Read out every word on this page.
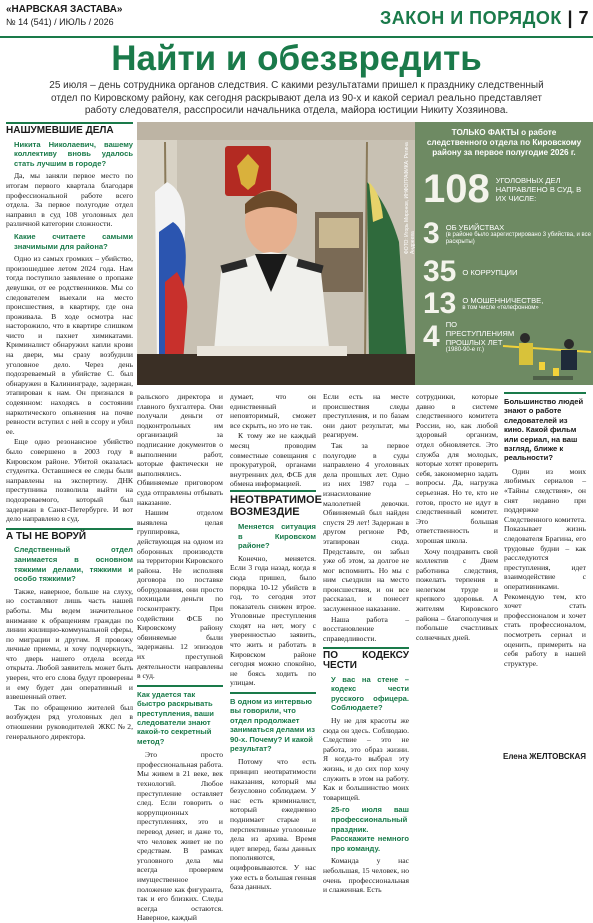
«НАРВСКАЯ ЗАСТАВА»
№ 14 (541) / ИЮЛЬ / 2026	ЗАКОН И ПОРЯДОК | 7
Найти и обезвредить
25 июля – день сотрудника органов следствия. С какими результатами пришел к празднику следственный отдел по Кировскому району, как сегодня раскрывают дела из 90-х и какой сериал реально представляет работу следователя, расспросили начальника отдела, майора юстиции Никиту Хозяинова.
НАШУМЕВШИЕ ДЕЛА

Никита Николаевич, вашему коллективу вновь удалось стать лучшим в городе?

Да, мы заняли первое место по итогам первого квартала благодаря профессиональной работе всего отдела. За первое полугодие отдел направил в суд 108 уголовных дел различной категории сложности.

Какие считаете самыми значимыми для района?

Одно из самых громких – убийство, произошедшее летом 2024 года. Нам тогда поступило заявление о пропаже девушки, от ее родственников. Мы со следователем выехали на место происшествия, в квартиру, где она проживала. В ходе осмотра нас насторожило, что в квартире слишком чисто и пахнет химикатами. Криминалист обнаружил капли крови на двери, мы сразу возбудили уголовное дело. Через день подозреваемый в убийстве С. был обнаружен в Калининграде, задержан, этапирован к нам. Он признался в содеянном: находясь в состоянии наркотического опьянения на почве ревности вступил с ней в ссору и убил ее.

Еще одно резонансное убийство было совершено в 2003 году в Кировском районе. Убитой оказалась студентка. Оставшиеся ее следы были направлены на экспертизу. ДНК преступника позволила выйти на подозреваемого, который был задержан в Санкт-Петербурге. И вот дело направлено в суд.

А ТЫ НЕ ВОРУЙ

Следственный отдел занимается в основном тяжкими делами, тяжкими и особо тяжкими?

Также, наверное, больше на слуху, но составляют лишь часть нашей работы. Мы ведем значительное внимание к обращениям граждан по линии жилищно-коммунальной сферы, по миграции и другим. Я провожу личные приемы, и хочу подчеркнуть, что дверь нашего отдела всегда открыта. Любой заявитель может быть уверен, что его слова будут проверены и ему будет дан оперативный и взвешенный ответ.

Так по обращению жителей был возбужден ряд уголовных дел в отношении руководителей ЖКС№2, генерального директора.

ТОЛЬКО ФАКТЫ о работе следственного отдела по Кировскому району за первое полугодие 2026 г.
108 УГОЛОВНЫХ ДЕЛ НАПРАВЛЕНО В СУД, В ИХ ЧИСЛЕ:
3 ОБ УБИЙСТВАХ
(в районе было зарегистрировано 3 убийства, и все раскрыты)
35 О КОРРУПЦИИ
13 О МОШЕННИЧЕСТВЕ,
в том числе «телефонном»
4 ПО ПРЕСТУПЛЕНИЯМ ПРОШЛЫХ ЛЕТ
(1980-90-е гг.)
ФОТО: Игорь Миронов, ИНФОГРАФИКА: Регина Андреева

ральского директора и главного бухгалтера. Они получали деньги от подконтрольных им организаций за подписание документов о выполнении работ, которые фактически не выполнялись. Обвиняемые приговором суда отправлены отбывать наказание.

Нашим отделом выявлена целая группировка, действующая на одном из оборонных производств на территории Кировского района. Не исполняя договора по поставке оборудования, они просто похищали деньги по госконтракту. При содействии ФСБ по Кировскому району обвиняемые были задержаны. 12 эпизодов их преступной деятельности направлены в суд.

Как удается так быстро раскрывать преступления, ваши следователи знают какой-то секретный метод?

Это просто профессиональная работа. Мы живем в 21 веке, век технологий. Любое преступление оставляет след. Если говорить о коррупционных преступлениях, это и перевод денег, и даже то, что человек живет не по средствам. В рамках уголовного дела мы всегда проверяем имущественное положение как фигуранта, так и его близких. Следы всегда остаются. Наверное, каждый

думает, что он единственный и неповторимый, сможет все скрыть, но это не так.

К тому же не каждый месяц проводим совместные совещания с прокуратурой, органами внутренних дел, ФСБ для обмена информацией.

НЕОТВРАТИМОЕ ВОЗМЕЗДИЕ

Меняется ситуация в Кировском районе?

Конечно, меняется. Если 3 года назад, когда я сюда пришел, было порядка 10-12 убийств в год, то сегодня этот показатель снижен втрое. Уголовные преступления сходят на нет, могу с уверенностью заявить, что жить и работать в Кировском районе сегодня можно спокойно, не боясь ходить по улицам.

В одном из интервью вы говорили, что отдел продолжает заниматься делами из 90-х. Почему? И какой результат?

Потому что есть принцип неотвратимости наказания, который мы безусловно соблюдаем. У нас есть криминалист, который ежедневно поднимает старые и перспективные уголовные дела из архива. Время идет вперед, базы данных пополняются, оцифровываются. У нас уже есть в большая генная база данных.

Если есть на месте происшествия следы преступления, и по базам они дают результат, мы реагируем.

Так за первое полугодие в суды направлено 4 уголовных дела прошлых лет. Одно из них 1987 года – изнасилование малолетней девочки. Обвиняемый был найден спустя 29 лет! Задержан в другом регионе РФ, этапирован сюда. Представьте, он забыл уже об этом, за долгое не мог вспомнить. Но мы с ним съездили на место происшествия, и он все рассказал, и понесет заслуженное наказание.

Наша работа – восстановление справедливости.

ПО КОДЕКСУ ЧЕСТИ

У вас на стене – кодекс чести русского офицера. Соблюдаете?

Ну не для красоты же сюда он здесь. Соблюдаю. Следствие – это не работа, это образ жизни. Я когда-то выбрал эту жизнь, и до сих пор хочу служить в этом на работу. Как и большинство моих товарищей.

25-го июля ваш профессиональный праздник. Расскажите немного про команду.

Команда у нас небольшая, 15 человек, но очень профессиональная и слаженная. Есть

сотрудники, которые давно в системе следственного комитета России, но, как любой здоровый организм, отдел обновляется. Это служба для молодых, которые хотят проверить себя, закономерно задать вопросы. Да, нагрузка серьезная. Но те, кто не готов, просто не идут в следственный комитет. Это большая ответственность и хорошая школа.

Хочу поздравить свой коллектив с Днем работника следствия, пожелать терпения в нелегком труде и крепкого здоровья. А жителям Кировского района – благополучия и побольше счастливых солнечных дней.

Большинство людей знают о работе следователей из кино. Какой фильм или сериал, на ваш взгляд, ближе к реальности?

Один из моих любимых сериалов – «Тайны следствия», он снят недавно при поддержке Следственного комитета. Показывает жизнь следователя Брагина, его трудовые будни – как расследуются преступления, идет взаимодействие с оперативниками. Рекомендую тем, кто хочет стать профессионалом и хочет стать профессионалом, посмотреть сериал и оценить, примерить на себя работу в нашей структуре.

Елена ЖЕЛТОВСКАЯ
